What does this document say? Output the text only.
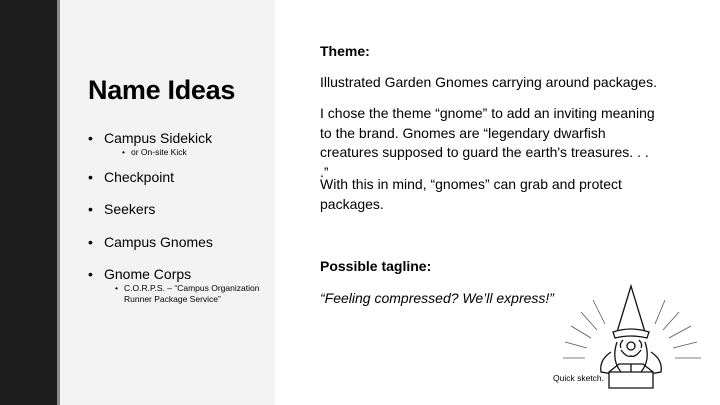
Name Ideas
• Campus Sidekick
• or On-site Kick
• Checkpoint
• Seekers
• Campus Gnomes
• Gnome Corps
• C.O.R.P.S. – “Campus Organization Runner Package Service”

Theme:

Illustrated Garden Gnomes carrying around packages.

I chose the theme “gnome” to add an inviting meaning to the brand. Gnomes are “legendary dwarfish creatures supposed to guard the earth's treasures. . . .”

With this in mind, “gnomes” can grab and protect packages.

Possible tagline:

“Feeling compressed? We’ll express!”

Quick sketch.
